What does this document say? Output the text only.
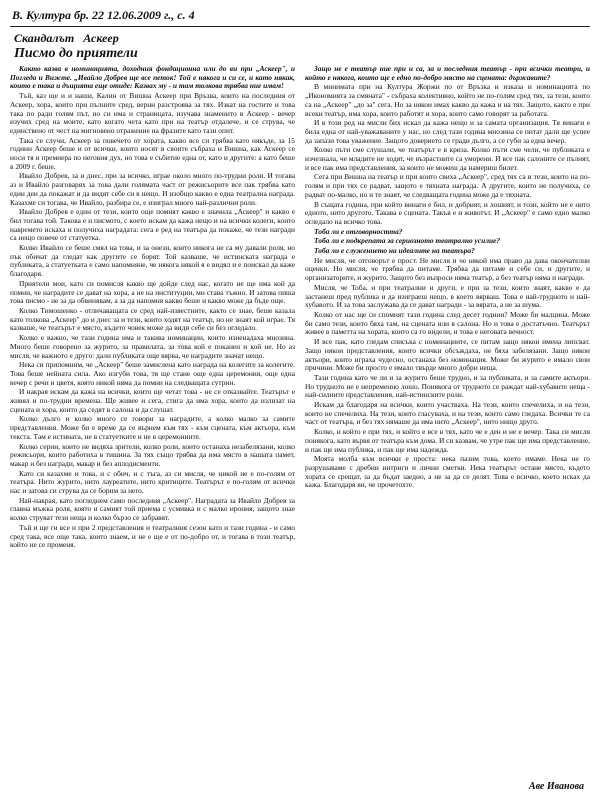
В. Култура бр. 22 12.06.2009 г., с. 4
Скандалът Аскеер
Писмо до приятели

Както казва в номинацията, доходния фондационна или до ви при „Аскеер", и Погледа и Вижте. „Ивайло Добрев ще все петок! Той е някога и си се, и като някак, които е така и дъщията еще отиде: Казвах му - и там толкова трябва ние имам!

Тъй, каз ще и и наши, Калин от Вишна Аскеер при Връзва, които на последния от Аскеер, хора, които при пълните сред, верни разстроява за тях. Изкат на гостите и това така по ради голям път, но си има и страницата, изучава знаменито в Аскеер - вечер изучих сред на моите, като когато чета като при на театър отдалече, и се струва, че единствено от чест на мигновено отражение на фразите като тази опит.

Така се случи, Аскеер за повечето от хората, какво все си трябва като някъде, за 15 години Аскеер беше и от всички, които носят в своите събраха и Вишна, как Аскеер се носи тя и премиера по неговия дух, но това е събитие една от, като и другите: а като беше в 2009 г. беше.

Ивайло Добрев, за и днес, при за всичко, играе около много по-трудни роли. И тогава аз и Ивайло разговарях за това дали голямата част от режисьорите все пак трябва като един ден да покажат и да видят себе си в нещо. И изобщо какво е една театрална награда. Казахме си тогава, че Ивайло, разбира се, е изиграл много най-различни роли.

Ивайло Добрев е един от тези, които още помнят какво е значила „Аскеер" и какво е бил тогава той. Такова е и писмото, с което искам да кажа нещо и на всички колеги, които навремето искаха и получиха наградата: сега е ред на театъра да покаже, че тези награди са нещо повече от статуетка.

Колко Ивайло се беше смял на това, и за онези, които никога не са му давали роля, но пък обичат да гледат как другите се борят. Той казваше, че истинската награда е публиката, а статуетката е само напомняне, че някога някой я е видял и е поискал да каже благодаря.

Приятели мои, като си помисля какво ще дойде след нас, когато не ще има кой да помни, че наградите се дават на хора, а не на институции, ми става тъжно. И затова пиша това писмо - не за да обвинявам, а за да напомня какво беше и какво може да бъде още.

Колко Тимошенко - отличаващата се сред най-известните, както се знае, беше казала като толкова „Аскеер" до и днес за и тези, които ходят на театър, но не знаят кой играе. Тя казваше, че театърът е място, където човек може да види себе си без огледало.

Колко е важно, че тази година има и такива номинации, които изненадаха мнозина. Много беше говорено за журито, за правилата, за това кой е поканен и кой не. Но аз мисля, че важното е друго: дали публиката още вярва, че наградите значат нещо.

Нека си припомним, че „Аскеер" беше замислена като награда на колегите за колегите. Това беше нейната сила. Ако изгуби това, тя ще стане още една церемония, още една вечер с речи и цветя, която никой няма да помни на следващата сутрин.

И накрая искам да кажа на всички, които ще четат това - не се отказвайте. Театърът е живял и по-трудни времена. Ще живее и сега, стига да има хора, които да излизат на сцената и хора, които да седят в салона и да слушат.

Колко дълго и колко много се говори за наградите, а колко малко за самите представления. Може би е време да се върнем към тях - към сцената, към актьора, към текста. Там е истината, не в статуетките и не в церемониите.

Колко серии, които не видяха зрители, колко роли, които останаха незабелязани, колко режисьори, които работиха в тишина. За тях също трябва да има място в нашата памет, макар и без награди, макар и без аплодисменти.

Като си казахме и това, и с обич, и с тъга, аз си мисля, че никой не е по-голям от театъра. Нито журито, нито лауреатите, нито критиците. Театърът е по-голям от всички нас и затова си струва да се борим за него.

Най-накрая, като погледнем само последния „Аскеер". Наградата за Ивайло Добрев за главна мъжка роля, която и самият той приема с усмивка и с малко ирония, защото знае колко струват тези неща и колко бързо се забравят.

Тъй и ще ги все и при 2 представления и театралния сезон като и тази година - и само сред така, все още така, които знаем, и не е ще е от по-добро от, и тогава в този театър, който не се променя.

Защо не е театър ние при и са, за и последния театър - при всички театри, и който е някога, които ще е едно по-добро място на сцената: държавите?

В минимата при на Култура Жоржи по от Връзка и изказа и номинацията по „Икономията за смяната" - събраха колективно, който не по-голям сред тях, за тези, които са на „Аскеер" „до за" сега. Но за някои имах какво да кажа и на тях. Защото, както е при всеки театър, има хора, които работят и хора, които само говорят за работата.

И в този ред на мисли бих искал да кажа нещо и за самата организация. Тя винаги е била една от най-уважаваните у нас, но след тази година мнозина се питат дали ще успее да запази това уважение. Защото довериeто се гради дълго, а се губи за една вечер.

Колко пъти сме слушали, че театърът е в криза. Колко пъти сме чели, че публиката е изчезнала, че младите не ходят, че възрастните са уморени. И все пак салоните се пълнят, и все пак има представления, за които не можеш да намериш билет.

Сега при Вишна на театър и при които свиха „Аскеер", сред тях са и тези, които на по-голям и при тях се радват, защото е тяхната награда. А другите, които не получиха, се радват по-малко, но и те знаят, че следващата година може да е тяхната.

В същата година, при който винаги е бил, и добрият, и лошият, и този, който не е нито едното, нито другото. Такава е сцената. Такъв е и животът. И „Аскеер" е само едно малко огледало на всичко това.

Тоба ли е отговорността?

Тоба ли е подкрепата за сериозното театрално усилие?

Тоба ли е служението на идеалите на театъра?

Не мисля, че отговорът е прост. Не мисля и че някой има право да дава окончателни оценки. Но мисля, че трябва да питаме. Трябва да питаме и себе си, и другите, и организаторите, и журито. Защото без въпроси няма театър, а без театър няма и награди.

Мисля, че Тоба, и при театрални и други, е при за тези, които знаят, какво е да застанеш пред публика и да изиграеш нещо, в което вярваш. Това е най-трудното и най-хубавото. И за това заслужава да се дават награди - за вярата, а не за шума.

Колко от нас ще си спомнят тази година след десет години? Може би малцина. Може би само тези, които бяха там, на сцената или в салона. Но и това е достатъчно. Театърът живее в паметта на хората, които са го видели, и това е неговата вечност.

И все пак, като гледам списъка с номинациите, се питам защо някои имена липсват. Защо някои представления, които всички обсъждаха, не бяха забелязани. Защо някои актьори, които играха чудесно, останаха без номинация. Може би журито е имало свои причини. Може би просто е имало твърде много добри неща.

Тази година като че ли и за журито беше трудно, и за публиката, и за самите актьори. Но трудното не е непременно лошо. Понякога от трудното се раждат най-хубавите неща - най-силните представления, най-истинските роли.

Искам да благодаря на всички, които участваха. На тези, които спечелиха, и на тези, които не спечелиха. На тези, които гласуваха, и на тези, които само гледаха. Всички те са част от театъра, и без тях нямаше да има нито „Аскеер", нито нищо друго.

Колко, и който е при тях, и който е все в тях, като че е ден и не е вечер. Така си мисля понякога, като вървя от театъра към дома. И си казвам, че утре пак ще има представление, и пак ще има публика, и пак ще има надежда.

Моята молба към всички е проста: нека пазим това, което имаме. Нека не го разрушаваме с дребни интриги и лични сметки. Нека театърът остане място, където хората се срещат, за да бъдат заедно, а не за да се делят. Това е всичко, което исках да кажа. Благодаря ви, че прочетохте.

Аве Иванова
